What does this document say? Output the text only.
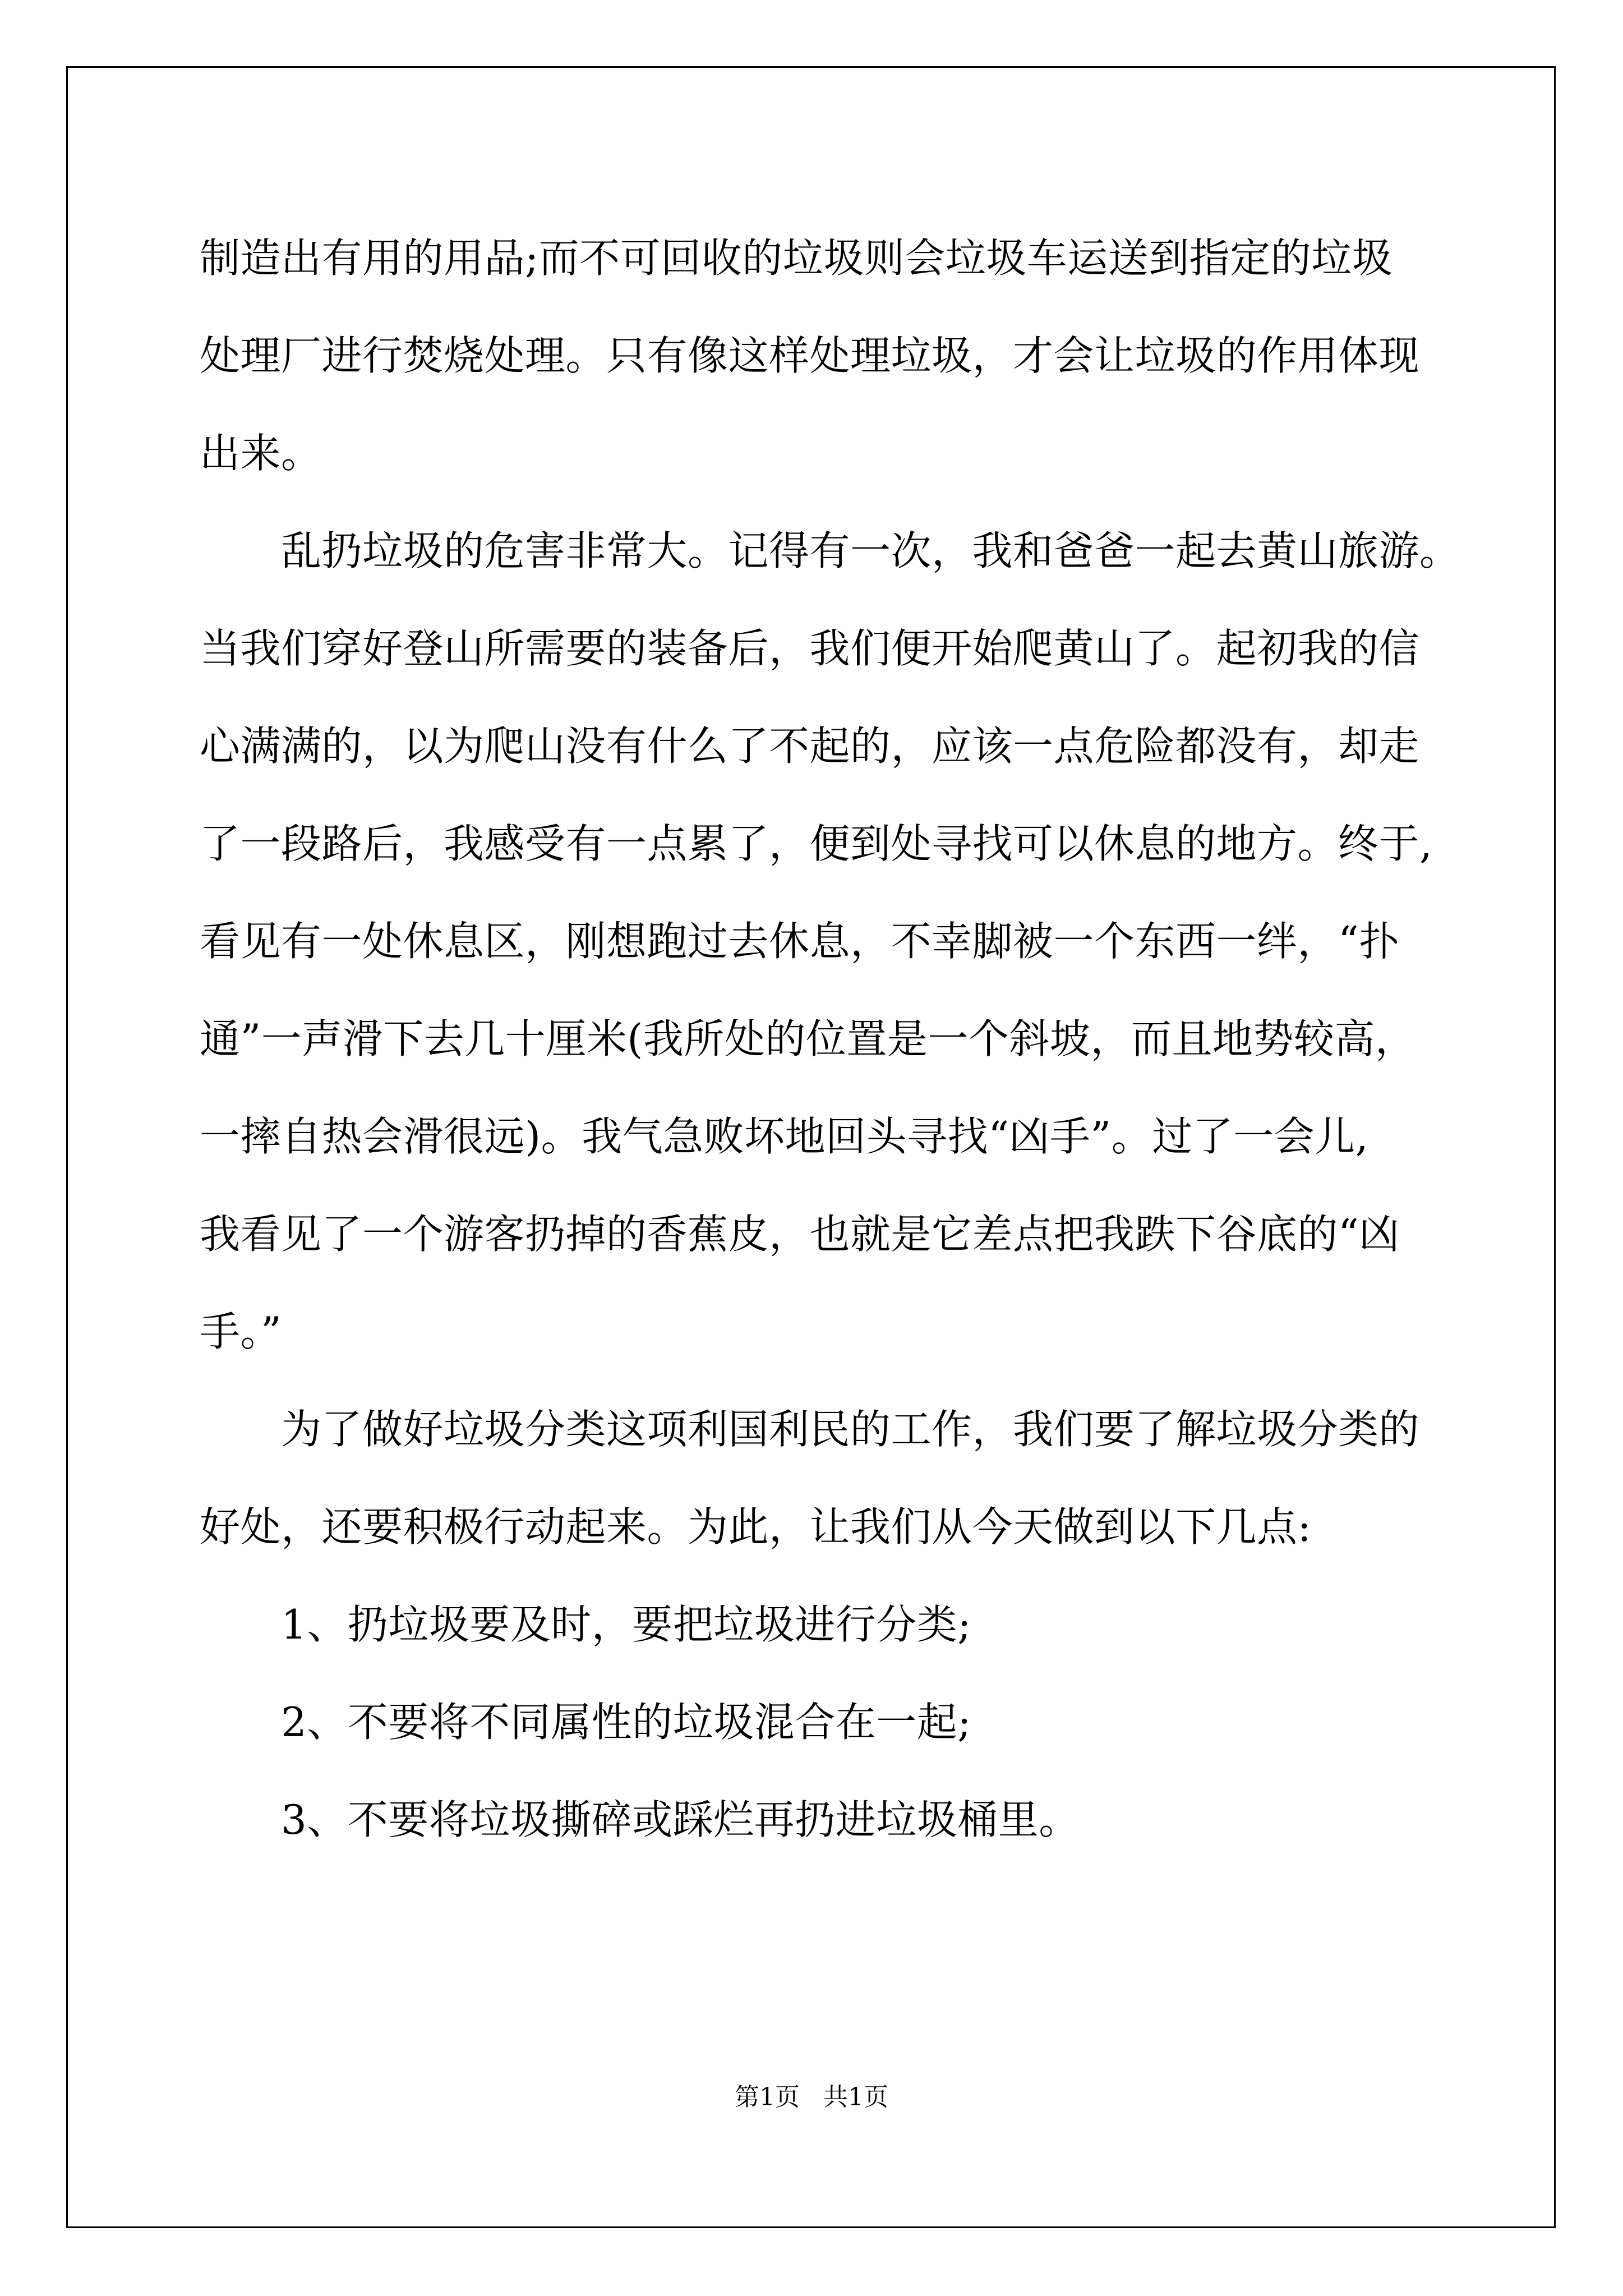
制造出有用的用品;而不可回收的垃圾则会垃圾车运送到指定的垃圾
处理厂进行焚烧处理。只有像这样处理垃圾，才会让垃圾的作用体现
出来。
　　乱扔垃圾的危害非常大。记得有一次，我和爸爸一起去黄山旅游。
当我们穿好登山所需要的装备后，我们便开始爬黄山了。起初我的信
心满满的，以为爬山没有什么了不起的，应该一点危险都没有，却走
了一段路后，我感受有一点累了，便到处寻找可以休息的地方。终于,
看见有一处休息区，刚想跑过去休息，不幸脚被一个东西一绊，“扑
通”一声滑下去几十厘米(我所处的位置是一个斜坡，而且地势较高，
一摔自热会滑很远)。我气急败坏地回头寻找“凶手”。过了一会儿,
我看见了一个游客扔掉的香蕉皮，也就是它差点把我跌下谷底的“凶
手。”
　　为了做好垃圾分类这项利国利民的工作，我们要了解垃圾分类的
好处，还要积极行动起来。为此，让我们从今天做到以下几点:
　　1、扔垃圾要及时，要把垃圾进行分类;
　　2、不要将不同属性的垃圾混合在一起;
　　3、不要将垃圾撕碎或踩烂再扔进垃圾桶里。
第1页   共1页
